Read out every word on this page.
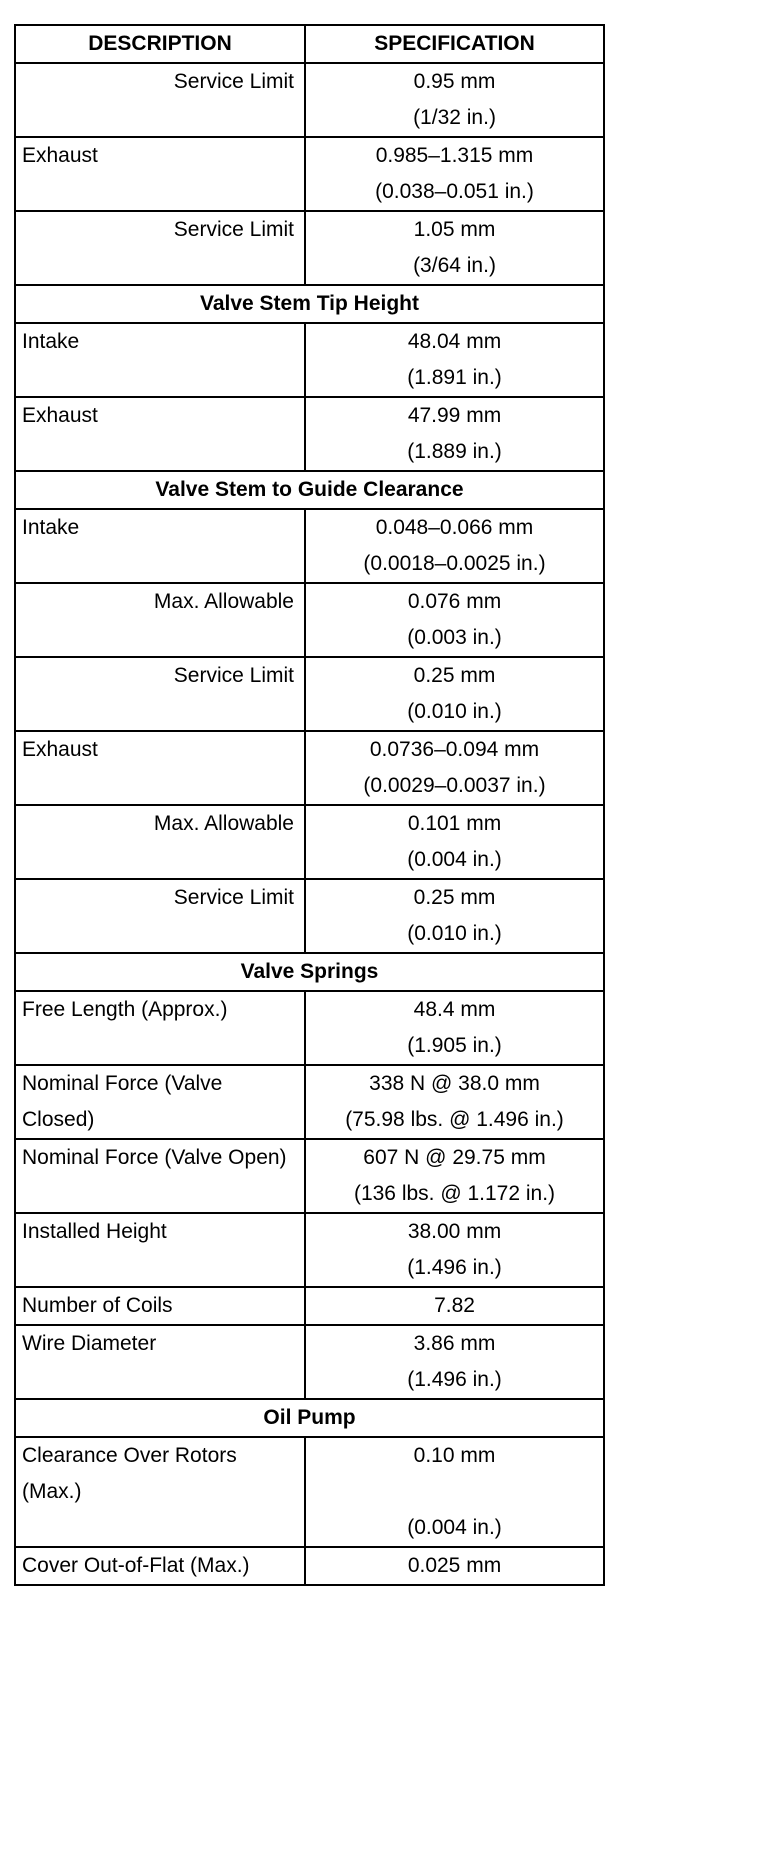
DESCRIPTION	SPECIFICATION

Service Limit	0.95 mm
(1/32 in.)

Exhaust	0.985–1.315 mm
(0.038–0.051 in.)

Service Limit	1.05 mm
(3/64 in.)

Valve Stem Tip Height	

Intake	48.04 mm
(1.891 in.)

Exhaust	47.99 mm
(1.889 in.)

Valve Stem to Guide Clearance	

Intake	0.048–0.066 mm
(0.0018–0.0025 in.)

Max. Allowable	0.076 mm
(0.003 in.)

Service Limit	0.25 mm
(0.010 in.)

Exhaust	0.0736–0.094 mm
(0.0029–0.0037 in.)

Max. Allowable	0.101 mm
(0.004 in.)

Service Limit	0.25 mm
(0.010 in.)

Valve Springs	

Free Length (Approx.)	48.4 mm
(1.905 in.)

Nominal Force (Valve Closed)	338 N @ 38.0 mm
(75.98 lbs. @ 1.496 in.)

Nominal Force (Valve Open)	607 N @ 29.75 mm
(136 lbs. @ 1.172 in.)

Installed Height	38.00 mm
(1.496 in.)

Number of Coils	7.82

Wire Diameter	3.86 mm
(1.496 in.)

Oil Pump	

Clearance Over Rotors (Max.)	0.10 mm
(0.004 in.)

Cover Out-of-Flat (Max.)	0.025 mm
